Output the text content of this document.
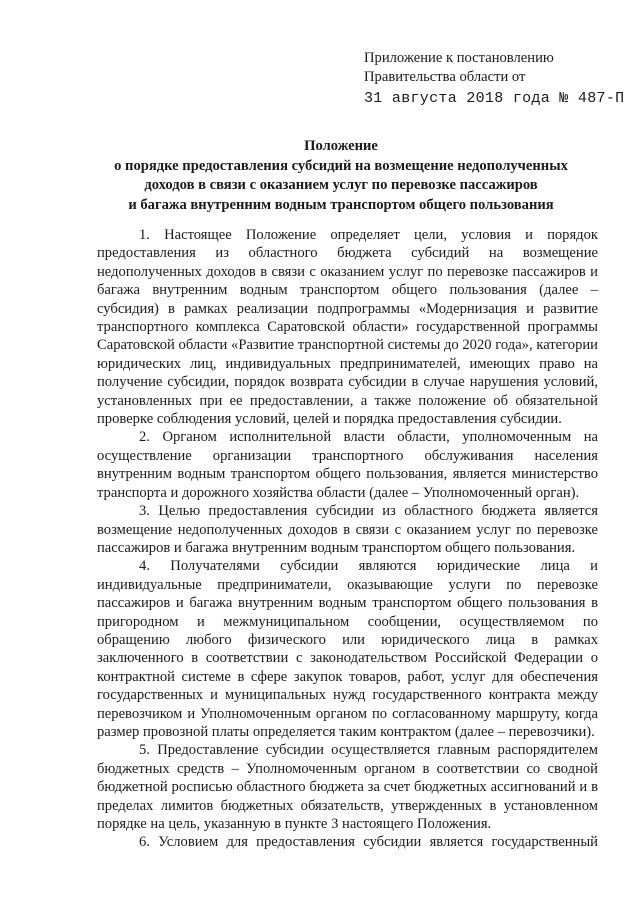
Приложение к постановлению
Правительства области от
31 августа 2018 года № 487-П
Положение
о порядке предоставления субсидий на возмещение недополученных
доходов в связи с оказанием услуг по перевозке пассажиров
и багажа внутренним водным транспортом общего пользования

1. Настоящее Положение определяет цели, условия и порядок предоставления из областного бюджета субсидий на возмещение недополученных доходов в связи с оказанием услуг по перевозке пассажиров и багажа внутренним водным транспортом общего пользования (далее – субсидия) в рамках реализации подпрограммы «Модернизация и развитие транспортного комплекса Саратовской области» государственной программы Саратовской области «Развитие транспортной системы до 2020 года», категории юридических лиц, индивидуальных предпринимателей, имеющих право на получение субсидии, порядок возврата субсидии в случае нарушения условий, установленных при ее предоставлении, а также положение об обязательной проверке соблюдения условий, целей и порядка предоставления субсидии.

2. Органом исполнительной власти области, уполномоченным на осуществление организации транспортного обслуживания населения внутренним водным транспортом общего пользования, является министерство транспорта и дорожного хозяйства области (далее – Уполномоченный орган).

3. Целью предоставления субсидии из областного бюджета является возмещение недополученных доходов в связи с оказанием услуг по перевозке пассажиров и багажа внутренним водным транспортом общего пользования.

4. Получателями субсидии являются юридические лица и индивидуальные предприниматели, оказывающие услуги по перевозке пассажиров и багажа внутренним водным транспортом общего пользования в пригородном и межмуниципальном сообщении, осуществляемом по обращению любого физического или юридического лица в рамках заключенного в соответствии с законодательством Российской Федерации о контрактной системе в сфере закупок товаров, работ, услуг для обеспечения государственных и муниципальных нужд государственного контракта между перевозчиком и Уполномоченным органом по согласованному маршруту, когда размер провозной платы определяется таким контрактом (далее – перевозчики).

5. Предоставление субсидии осуществляется главным распорядителем бюджетных средств – Уполномоченным органом в соответствии со сводной бюджетной росписью областного бюджета за счет бюджетных ассигнований и в пределах лимитов бюджетных обязательств, утвержденных в установленном порядке на цель, указанную в пункте 3 настоящего Положения.

6. Условием для предоставления субсидии является государственный
